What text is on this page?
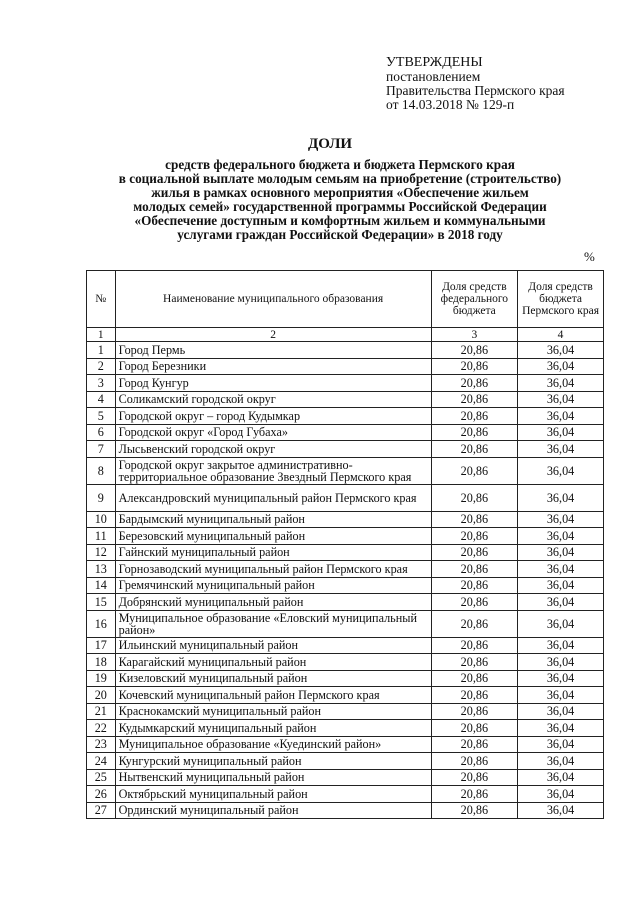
УТВЕРЖДЕНЫ
постановлением
Правительства Пермского края
от 14.03.2018 № 129-п
ДОЛИ
средств федерального бюджета и бюджета Пермского края
в социальной выплате молодым семьям на приобретение (строительство)
жилья в рамках основного мероприятия «Обеспечение жильем
молодых семей» государственной программы Российской Федерации
«Обеспечение доступным и комфортным жильем и коммунальными
услугами граждан Российской Федерации» в 2018 году
%
№	Наименование муниципального образования	Доля средств федерального бюджета	Доля средств бюджета Пермского края
1	2	3	4
1	Город Пермь	20,86	36,04
2	Город Березники	20,86	36,04
3	Город Кунгур	20,86	36,04
4	Соликамский городской округ	20,86	36,04
5	Городской округ – город Кудымкар	20,86	36,04
6	Городской округ «Город Губаха»	20,86	36,04
7	Лысьвенский городской округ	20,86	36,04
8	Городской округ закрытое административно-территориальное образование Звездный Пермского края	20,86	36,04
9	Александровский муниципальный район Пермского края	20,86	36,04
10	Бардымский муниципальный район	20,86	36,04
11	Березовский муниципальный район	20,86	36,04
12	Гайнский муниципальный район	20,86	36,04
13	Горнозаводский муниципальный район Пермского края	20,86	36,04
14	Гремячинский муниципальный район	20,86	36,04
15	Добрянский муниципальный район	20,86	36,04
16	Муниципальное образование «Еловский муниципальный район»	20,86	36,04
17	Ильинский муниципальный район	20,86	36,04
18	Карагайский муниципальный район	20,86	36,04
19	Кизеловский муниципальный район	20,86	36,04
20	Кочевский муниципальный район Пермского края	20,86	36,04
21	Краснокамский муниципальный район	20,86	36,04
22	Кудымкарский муниципальный район	20,86	36,04
23	Муниципальное образование «Куединский район»	20,86	36,04
24	Кунгурский муниципальный район	20,86	36,04
25	Нытвенский муниципальный район	20,86	36,04
26	Октябрьский муниципальный район	20,86	36,04
27	Ординский муниципальный район	20,86	36,04
